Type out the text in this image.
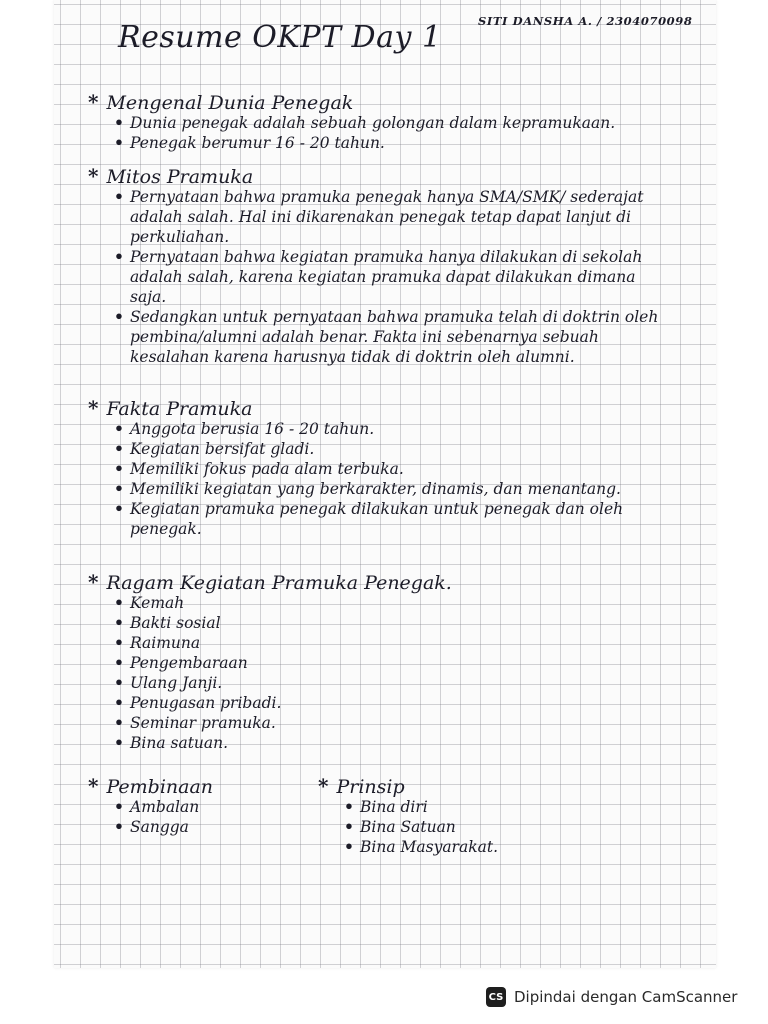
Resume OKPT Day 1	SITI DANSHA A. / 2304070098
* Mengenal Dunia Penegak
• Dunia penegak adalah sebuah golongan dalam kepramukaan.
• Penegak berumur 16 - 20 tahun.
* Mitos Pramuka
• Pernyataan bahwa pramuka penegak hanya SMA/SMK/ sederajat adalah salah. Hal ini dikarenakan penegak tetap dapat lanjut di perkuliahan.
• Pernyataan bahwa kegiatan pramuka hanya dilakukan di sekolah adalah salah, karena kegiatan pramuka dapat dilakukan dimana saja.
• Sedangkan untuk pernyataan bahwa pramuka telah di doktrin oleh pembina/alumni adalah benar. Fakta ini sebenarnya sebuah kesalahan karena harusnya tidak di doktrin oleh alumni.
* Fakta Pramuka
• Anggota berusia 16 - 20 tahun.
• Kegiatan bersifat gladi.
• Memiliki fokus pada alam terbuka.
• Memiliki kegiatan yang berkarakter, dinamis, dan menantang.
• Kegiatan pramuka penegak dilakukan untuk penegak dan oleh penegak.
* Ragam Kegiatan Pramuka Penegak.
• Kemah
• Bakti sosial
• Raimuna
• Pengembaraan
• Ulang Janji.
• Penugasan pribadi.
• Seminar pramuka.
• Bina satuan.
* Pembinaan
• Ambalan
• Sangga
* Prinsip
• Bina diri
• Bina Satuan
• Bina Masyarakat.
CS Dipindai dengan CamScanner
